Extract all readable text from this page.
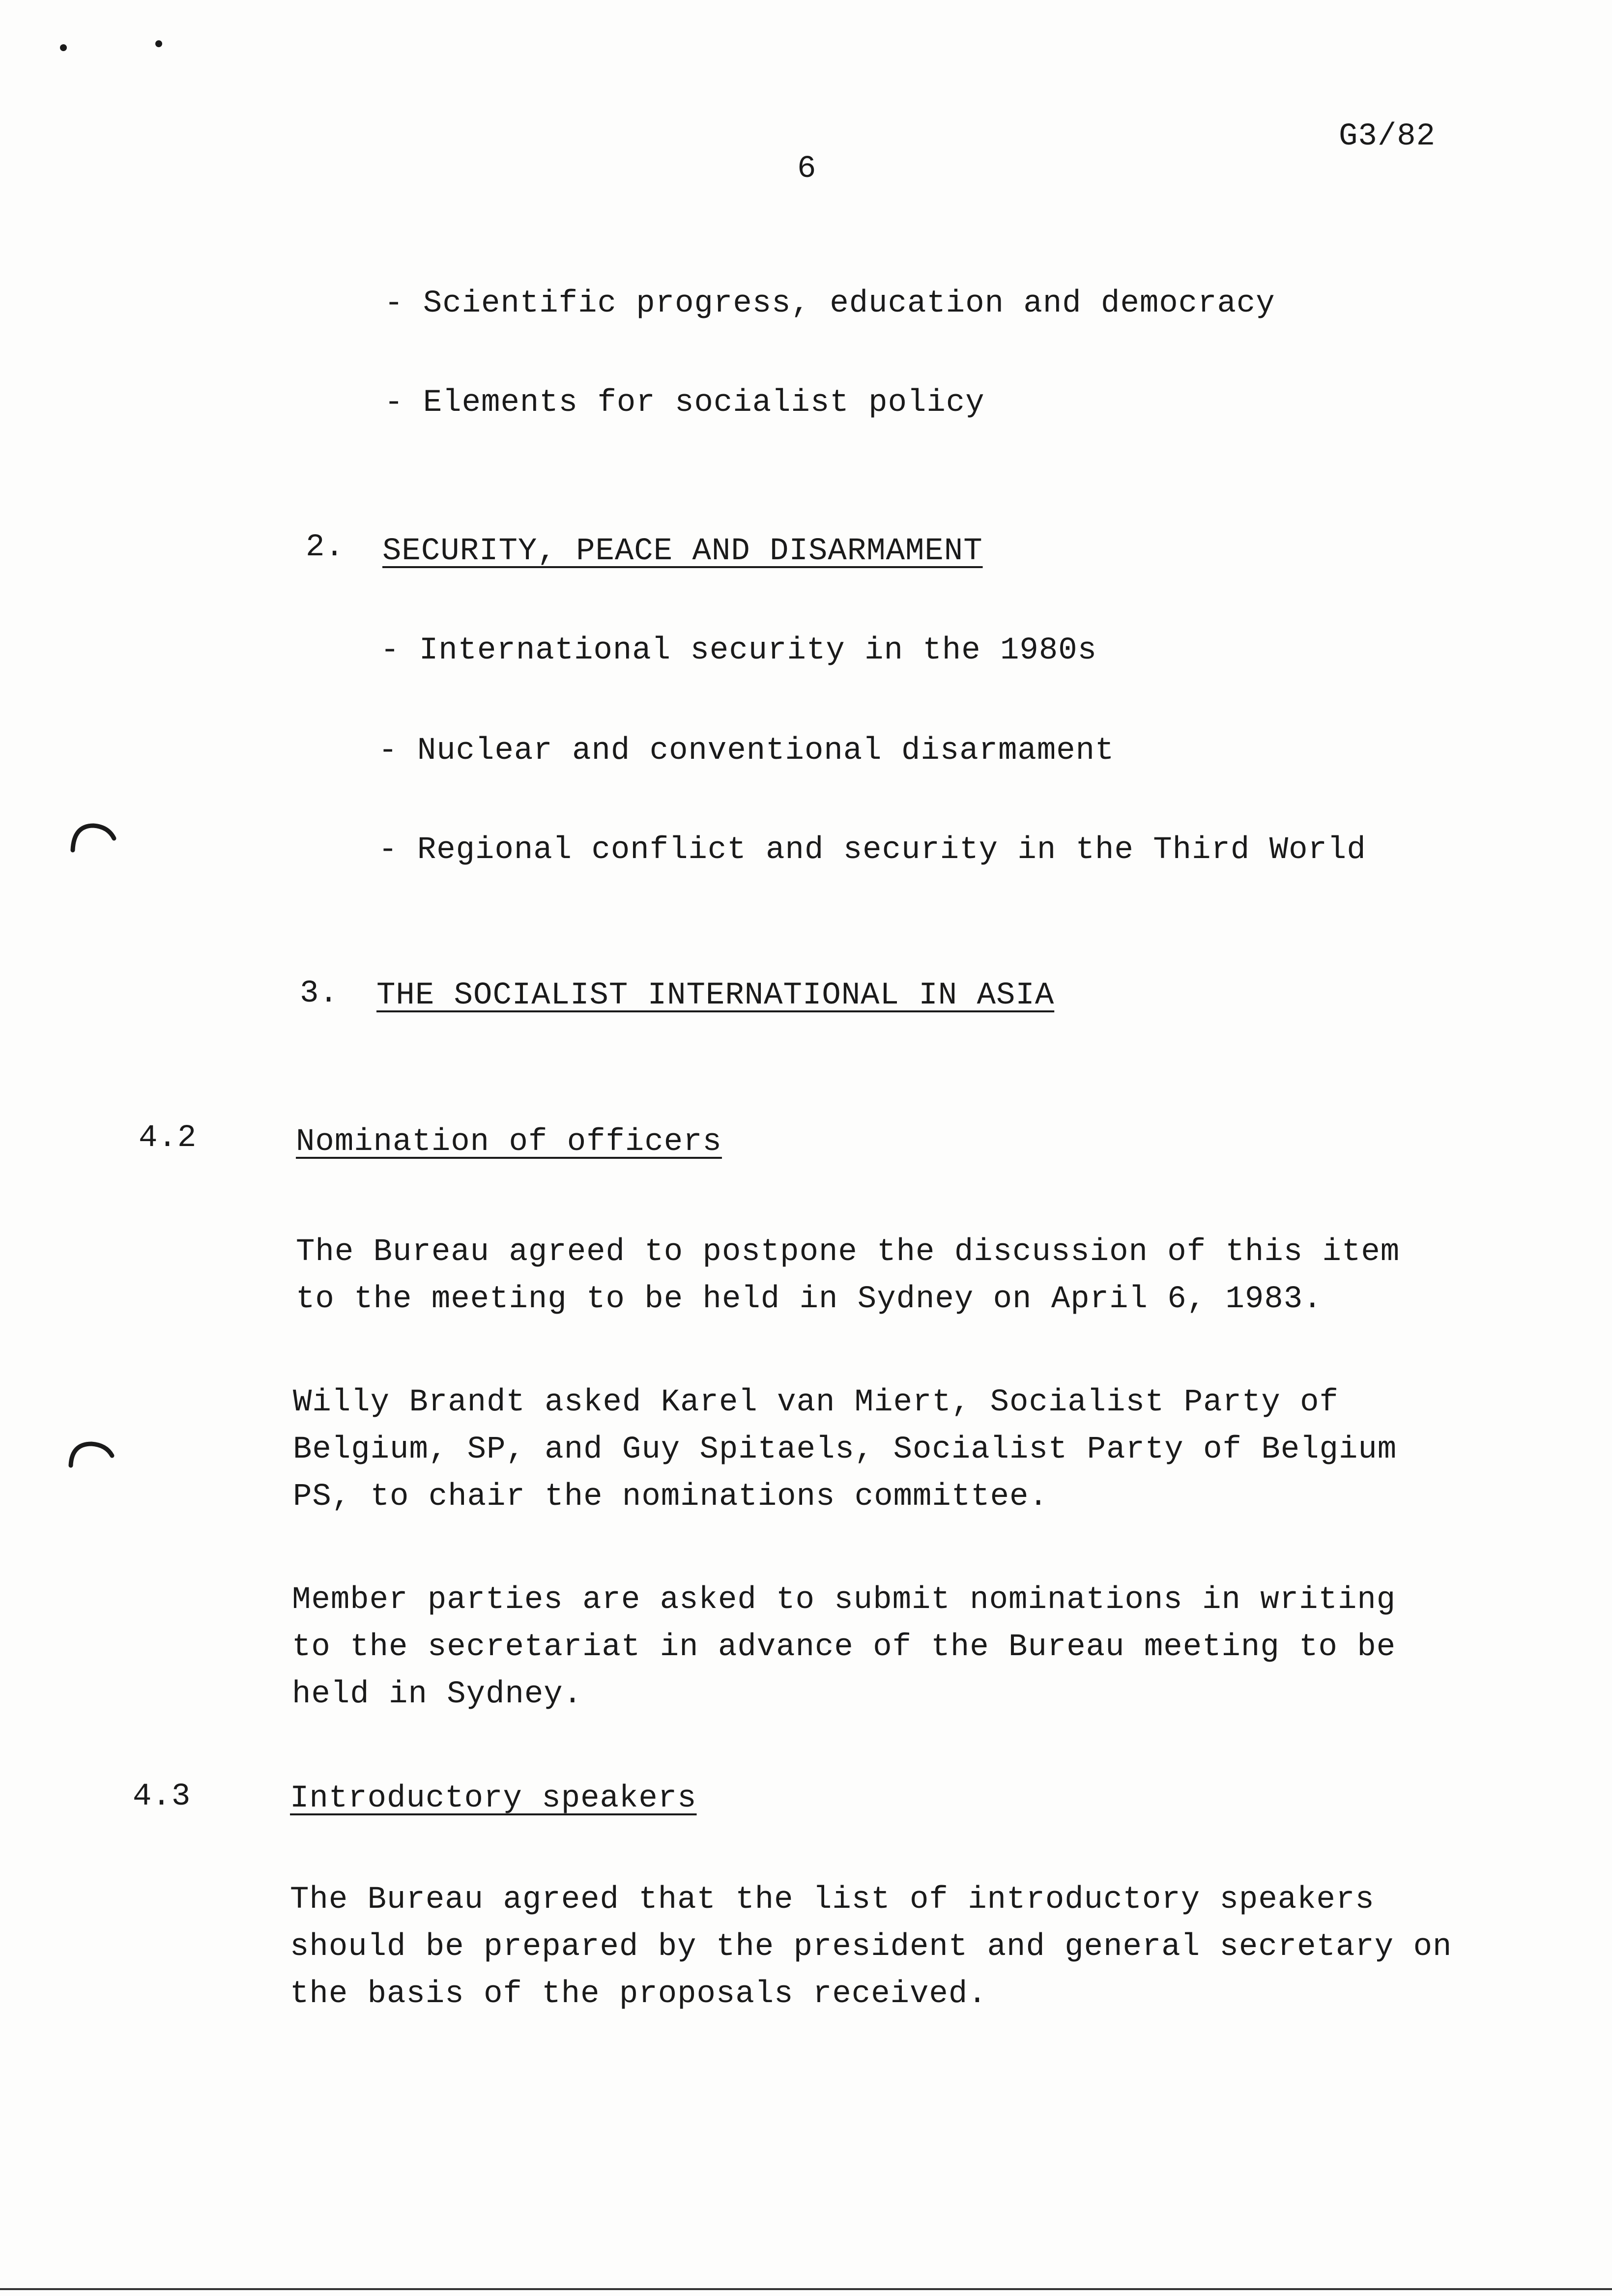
G3/82
6
- Scientific progress, education and democracy
- Elements for socialist policy
2. SECURITY, PEACE AND DISARMAMENT
- International security in the 1980s
- Nuclear and conventional disarmament
- Regional conflict and security in the Third World
3. THE SOCIALIST INTERNATIONAL IN ASIA
4.2	Nomination of officers
The Bureau agreed to postpone the discussion of this item
to the meeting to be held in Sydney on April 6, 1983.
Willy Brandt asked Karel van Miert, Socialist Party of
Belgium, SP, and Guy Spitaels, Socialist Party of Belgium
PS, to chair the nominations committee.
Member parties are asked to submit nominations in writing
to the secretariat in advance of the Bureau meeting to be
held in Sydney.
4.3	Introductory speakers
The Bureau agreed that the list of introductory speakers
should be prepared by the president and general secretary on
the basis of the proposals received.
